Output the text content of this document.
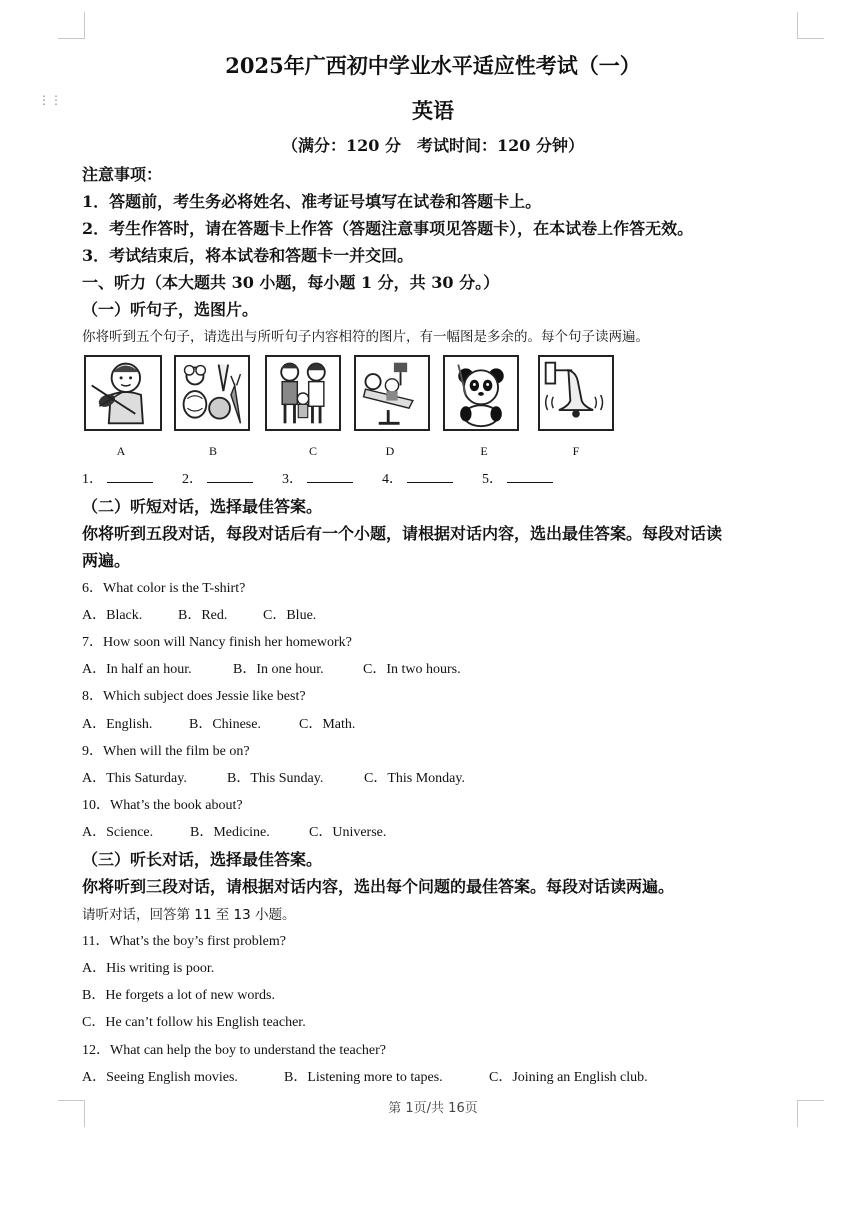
⋮⋮
2025年广西初中学业水平适应性考试（一）
英语
（满分：120 分　考试时间：120 分钟）
注意事项：
1．答题前，考生务必将姓名、准考证号填写在试卷和答题卡上。
2．考生作答时，请在答题卡上作答（答题注意事项见答题卡），在本试卷上作答无效。
3．考试结束后，将本试卷和答题卡一并交回。
一、听力（本大题共 30 小题，每小题 1 分，共 30 分。）
（一）听句子，选图片。
你将听到五个句子，请选出与所听句子内容相符的图片，有一幅图是多余的。每个句子读两遍。
A	B	C	D	E	F
1．	2．	3．	4．	5．
（二）听短对话，选择最佳答案。
你将听到五段对话，每段对话后有一个小题，请根据对话内容，选出最佳答案。每段对话读
两遍。
6．What color is the T-shirt?
A．Black.	B．Red.	C．Blue.
7．How soon will Nancy finish her homework?
A．In half an hour.	B．In one hour.	C．In two hours.
8．Which subject does Jessie like best?
A．English.	B．Chinese.	C．Math.
9．When will the film be on?
A．This Saturday.	B．This Sunday.	C．This Monday.
10．What’s the book about?
A．Science.	B．Medicine.	C．Universe.
（三）听长对话，选择最佳答案。
你将听到三段对话，请根据对话内容，选出每个问题的最佳答案。每段对话读两遍。
请听对话，回答第 11 至 13 小题。
11．What’s the boy’s first problem?
A．His writing is poor.
B．He forgets a lot of new words.
C．He can’t follow his English teacher.
12．What can help the boy to understand the teacher?
A．Seeing English movies.	B．Listening more to tapes.	C．Joining an English club.
第 1页/共 16页
